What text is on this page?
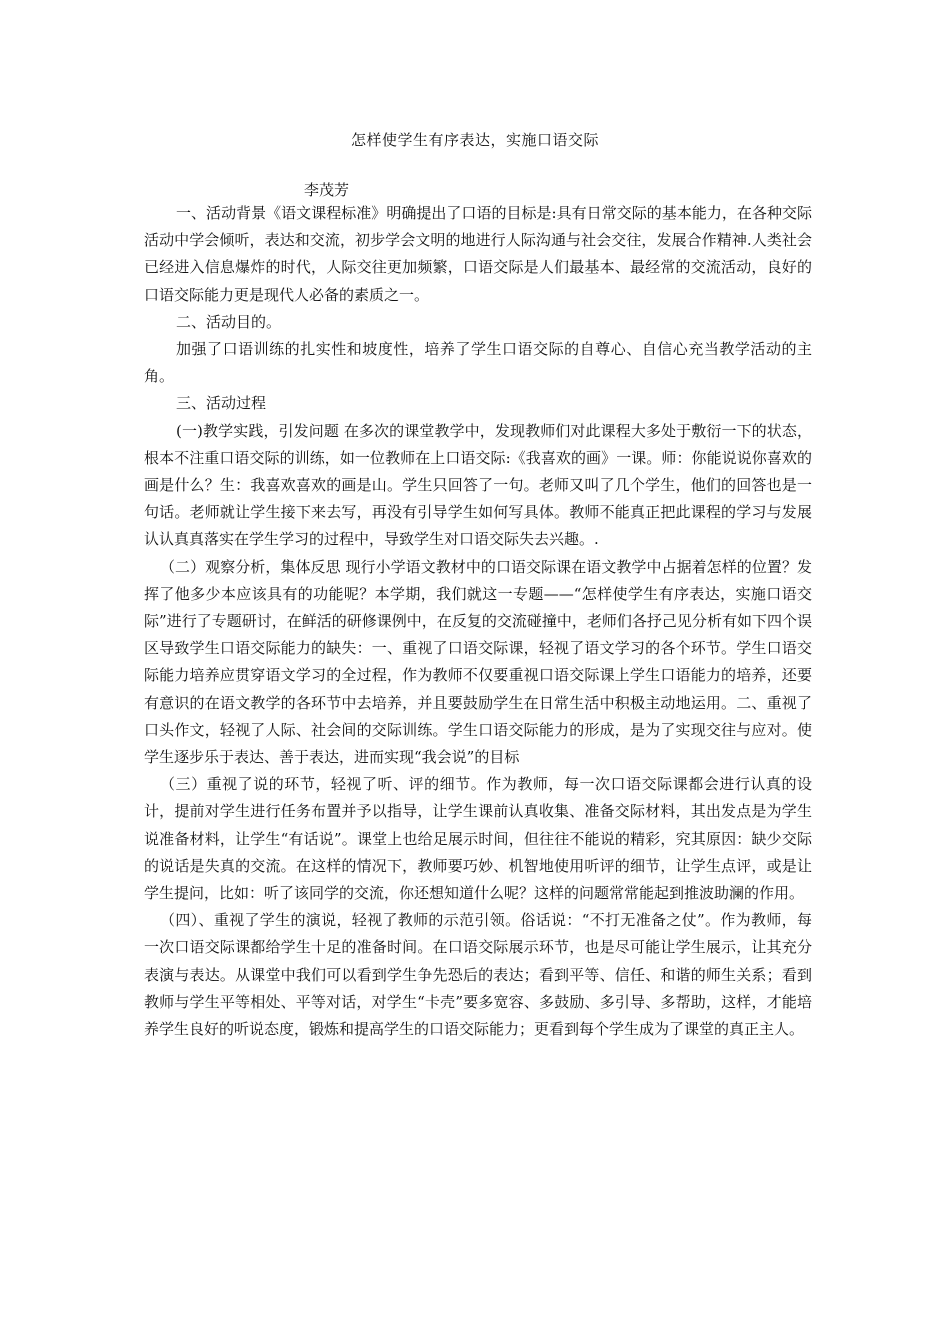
怎样使学生有序表达，实施口语交际
李茂芳

一、活动背景《语文课程标准》明确提出了口语的目标是:具有日常交际的基本能力，在各种交际活动中学会倾听，表达和交流，初步学会文明的地进行人际沟通与社会交往，发展合作精神.人类社会已经进入信息爆炸的时代，人际交往更加频繁，口语交际是人们最基本、最经常的交流活动，良好的口语交际能力更是现代人必备的素质之一。

二、活动目的。

加强了口语训练的扎实性和坡度性，培养了学生口语交际的自尊心、自信心充当教学活动的主角。

三、活动过程

(一)教学实践，引发问题 在多次的课堂教学中，发现教师们对此课程大多处于敷衍一下的状态，根本不注重口语交际的训练，如一位教师在上口语交际:《我喜欢的画》一课。师：你能说说你喜欢的画是什么？生：我喜欢喜欢的画是山。学生只回答了一句。老师又叫了几个学生，他们的回答也是一句话。老师就让学生接下来去写，再没有引导学生如何写具体。教师不能真正把此课程的学习与发展认认真真落实在学生学习的过程中，导致学生对口语交际失去兴趣。.

（二）观察分析，集体反思 现行小学语文教材中的口语交际课在语文教学中占据着怎样的位置？发挥了他多少本应该具有的功能呢？本学期，我们就这一专题——“怎样使学生有序表达，实施口语交际”进行了专题研讨，在鲜活的研修课例中，在反复的交流碰撞中，老师们各抒己见分析有如下四个误区导致学生口语交际能力的缺失：一、重视了口语交际课，轻视了语文学习的各个环节。学生口语交际能力培养应贯穿语文学习的全过程，作为教师不仅要重视口语交际课上学生口语能力的培养，还要有意识的在语文教学的各环节中去培养，并且要鼓励学生在日常生活中积极主动地运用。二、重视了口头作文，轻视了人际、社会间的交际训练。学生口语交际能力的形成，是为了实现交往与应对。使学生逐步乐于表达、善于表达，进而实现“我会说”的目标

（三）重视了说的环节，轻视了听、评的细节。作为教师，每一次口语交际课都会进行认真的设计，提前对学生进行任务布置并予以指导，让学生课前认真收集、准备交际材料，其出发点是为学生说准备材料，让学生“有话说”。课堂上也给足展示时间，但往往不能说的精彩，究其原因：缺少交际的说话是失真的交流。在这样的情况下，教师要巧妙、机智地使用听评的细节，让学生点评，或是让学生提问，比如：听了该同学的交流，你还想知道什么呢？这样的问题常常能起到推波助澜的作用。

（四）、重视了学生的演说，轻视了教师的示范引领。俗话说：“不打无准备之仗”。作为教师，每一次口语交际课都给学生十足的准备时间。在口语交际展示环节，也是尽可能让学生展示，让其充分表演与表达。从课堂中我们可以看到学生争先恐后的表达；看到平等、信任、和谐的师生关系；看到教师与学生平等相处、平等对话，对学生“卡壳”要多宽容、多鼓励、多引导、多帮助，这样，才能培养学生良好的听说态度，锻炼和提高学生的口语交际能力；更看到每个学生成为了课堂的真正主人。
